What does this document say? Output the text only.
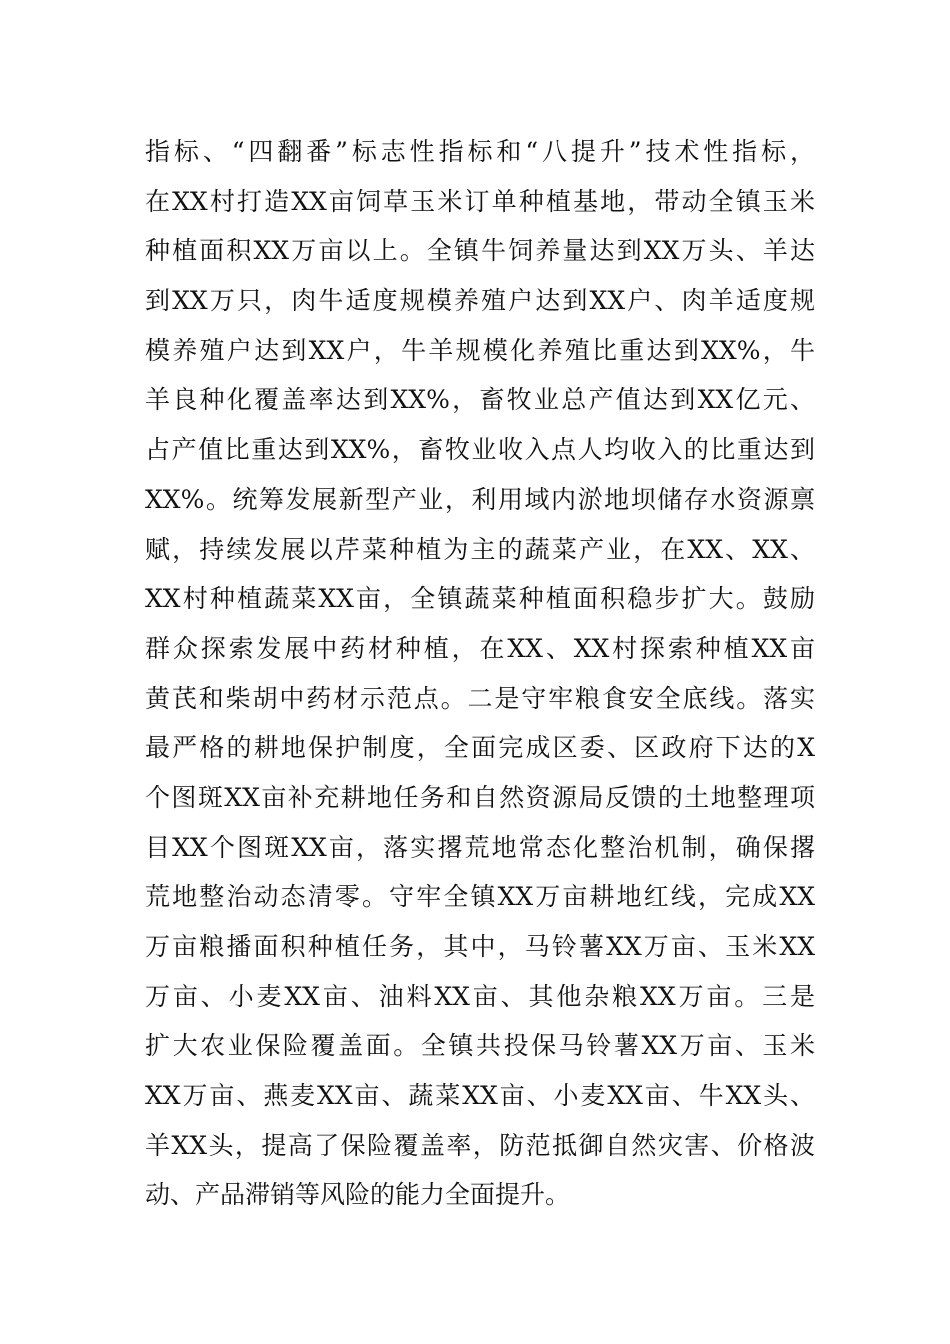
指标、“四翻番”标志性指标和“八提升”技术性指标，
在XX村打造XX亩饲草玉米订单种植基地，带动全镇玉米
种植面积XX万亩以上。全镇牛饲养量达到XX万头、羊达
到XX万只，肉牛适度规模养殖户达到XX户、肉羊适度规
模养殖户达到XX户，牛羊规模化养殖比重达到XX%，牛
羊良种化覆盖率达到XX%，畜牧业总产值达到XX亿元、
占产值比重达到XX%，畜牧业收入点人均收入的比重达到
XX%。统筹发展新型产业，利用域内淤地坝储存水资源禀
赋，持续发展以芹菜种植为主的蔬菜产业，在XX、XX、
XX村种植蔬菜XX亩，全镇蔬菜种植面积稳步扩大。鼓励
群众探索发展中药材种植，在XX、XX村探索种植XX亩
黄芪和柴胡中药材示范点。二是守牢粮食安全底线。落实
最严格的耕地保护制度，全面完成区委、区政府下达的X
个图斑XX亩补充耕地任务和自然资源局反馈的土地整理项
目XX个图斑XX亩，落实撂荒地常态化整治机制，确保撂
荒地整治动态清零。守牢全镇XX万亩耕地红线，完成XX
万亩粮播面积种植任务，其中，马铃薯XX万亩、玉米XX
万亩、小麦XX亩、油料XX亩、其他杂粮XX万亩。三是
扩大农业保险覆盖面。全镇共投保马铃薯XX万亩、玉米
XX万亩、燕麦XX亩、蔬菜XX亩、小麦XX亩、牛XX头、
羊XX头，提高了保险覆盖率，防范抵御自然灾害、价格波
动、产品滞销等风险的能力全面提升。
